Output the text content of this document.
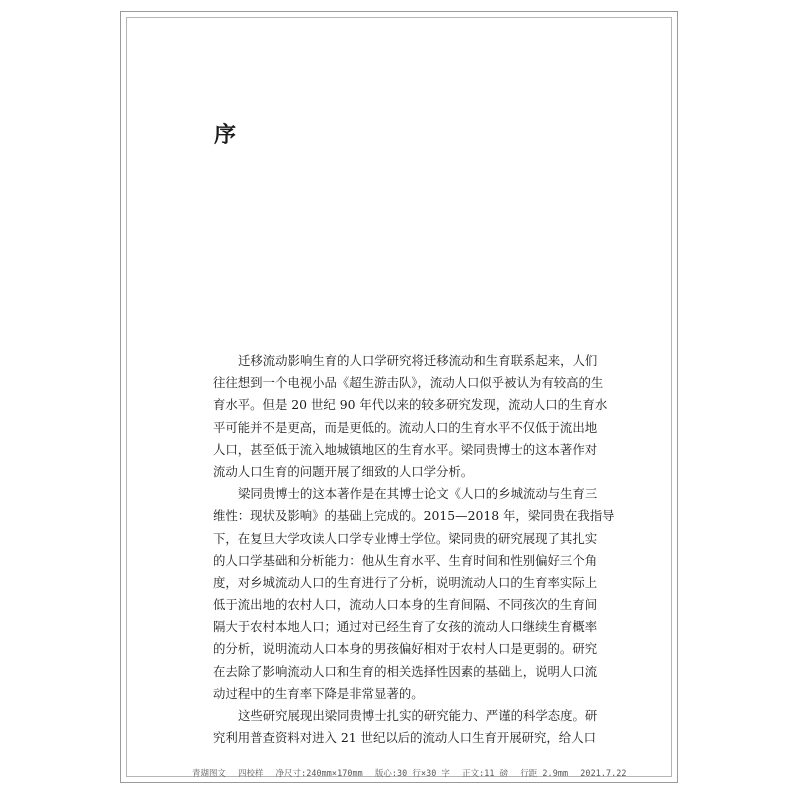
序
迁移流动影响生育的人口学研究将迁移流动和生育联系起来，人们
往往想到一个电视小品《超生游击队》，流动人口似乎被认为有较高的生
育水平。但是 20 世纪 90 年代以来的较多研究发现，流动人口的生育水
平可能并不是更高，而是更低的。流动人口的生育水平不仅低于流出地
人口，甚至低于流入地城镇地区的生育水平。梁同贵博士的这本著作对
流动人口生育的问题开展了细致的人口学分析。
梁同贵博士的这本著作是在其博士论文《人口的乡城流动与生育三
维性：现状及影响》的基础上完成的。2015—2018 年，梁同贵在我指导
下，在复旦大学攻读人口学专业博士学位。梁同贵的研究展现了其扎实
的人口学基础和分析能力：他从生育水平、生育时间和性别偏好三个角
度，对乡城流动人口的生育进行了分析，说明流动人口的生育率实际上
低于流出地的农村人口，流动人口本身的生育间隔、不同孩次的生育间
隔大于农村本地人口；通过对已经生育了女孩的流动人口继续生育概率
的分析，说明流动人口本身的男孩偏好相对于农村人口是更弱的。研究
在去除了影响流动人口和生育的相关选择性因素的基础上，说明人口流
动过程中的生育率下降是非常显著的。
这些研究展现出梁同贵博士扎实的研究能力、严谨的科学态度。研
究利用普查资料对进入 21 世纪以后的流动人口生育开展研究，给人口
青瑚图文 四校样 净尺寸:240mm×170mm 版心:30 行×30 字 正文:11 磅 行距 2.9mm 2021.7.22
